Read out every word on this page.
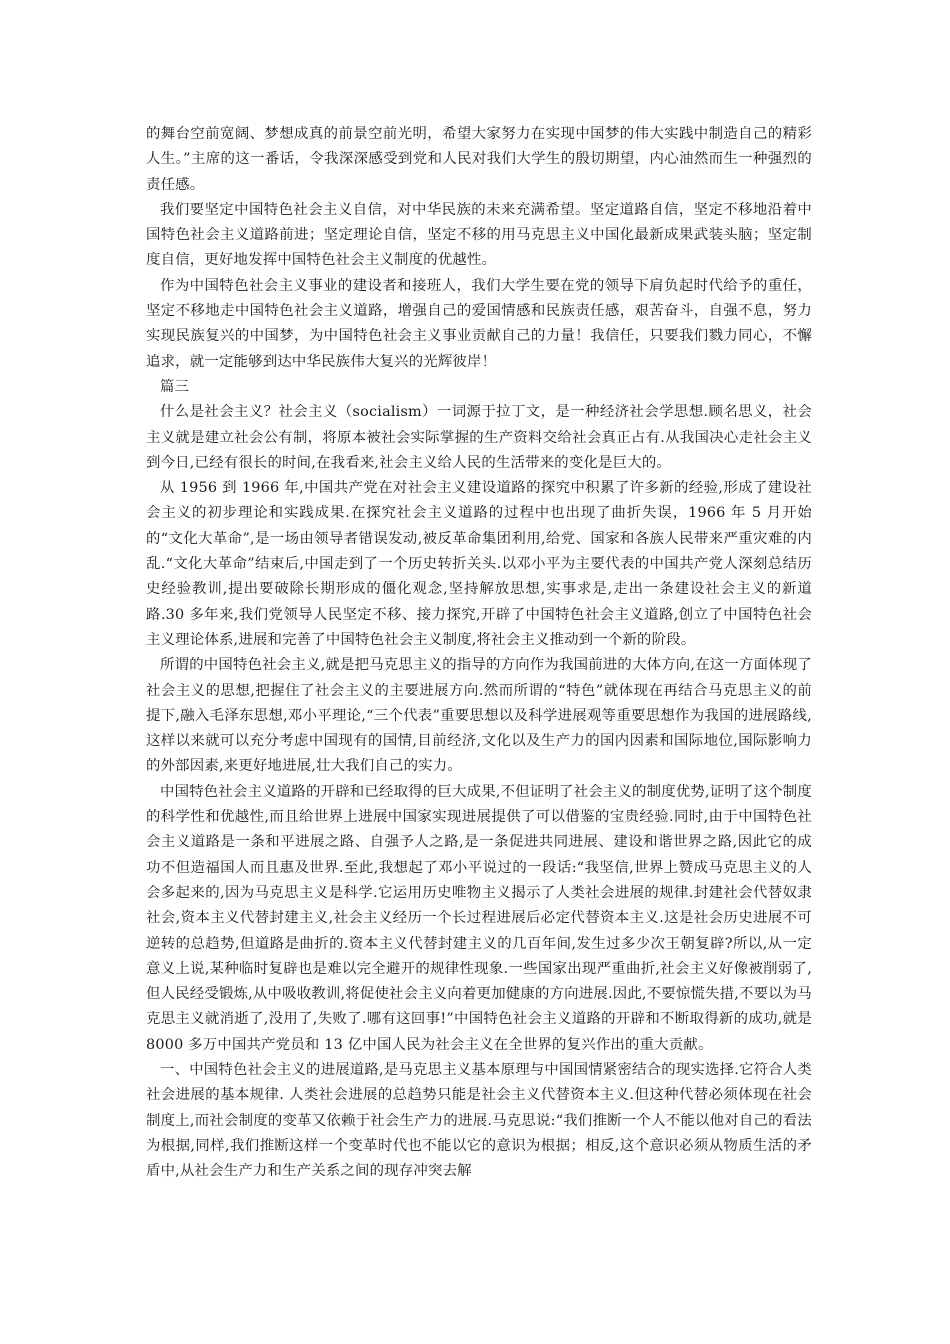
的舞台空前宽阔、梦想成真的前景空前光明，希望大家努力在实现中国梦的伟大实践中制造自己的精彩人生。”主席的这一番话，令我深深感受到党和人民对我们大学生的殷切期望，内心油然而生一种强烈的责任感。

我们要坚定中国特色社会主义自信，对中华民族的未来充满希望。坚定道路自信，坚定不移地沿着中国特色社会主义道路前进；坚定理论自信，坚定不移的用马克思主义中国化最新成果武装头脑；坚定制度自信，更好地发挥中国特色社会主义制度的优越性。

作为中国特色社会主义事业的建设者和接班人，我们大学生要在党的领导下肩负起时代给予的重任，坚定不移地走中国特色社会主义道路，增强自己的爱国情感和民族责任感，艰苦奋斗，自强不息，努力实现民族复兴的中国梦，为中国特色社会主义事业贡献自己的力量！我信任，只要我们戮力同心，不懈追求，就一定能够到达中华民族伟大复兴的光辉彼岸！

篇三

什么是社会主义？社会主义（socialism）一词源于拉丁文，是一种经济社会学思想.顾名思义，社会主义就是建立社会公有制，将原本被社会实际掌握的生产资料交给社会真正占有.从我国决心走社会主义到今日,已经有很长的时间,在我看来,社会主义给人民的生活带来的变化是巨大的。

从 1956 到 1966 年,中国共产党在对社会主义建设道路的探究中积累了许多新的经验,形成了建设社会主义的初步理论和实践成果.在探究社会主义道路的过程中也出现了曲折失误，1966 年 5 月开始的“文化大革命”,是一场由领导者错误发动,被反革命集团利用,给党、国家和各族人民带来严重灾难的内乱.“文化大革命”结束后,中国走到了一个历史转折关头.以邓小平为主要代表的中国共产党人深刻总结历史经验教训,提出要破除长期形成的僵化观念,坚持解放思想,实事求是,走出一条建设社会主义的新道路.30 多年来,我们党领导人民坚定不移、接力探究,开辟了中国特色社会主义道路,创立了中国特色社会主义理论体系,进展和完善了中国特色社会主义制度,将社会主义推动到一个新的阶段。

所谓的中国特色社会主义,就是把马克思主义的指导的方向作为我国前进的大体方向,在这一方面体现了社会主义的思想,把握住了社会主义的主要进展方向.然而所谓的“特色”就体现在再结合马克思主义的前提下,融入毛泽东思想,邓小平理论,“三个代表”重要思想以及科学进展观等重要思想作为我国的进展路线,这样以来就可以充分考虑中国现有的国情,目前经济,文化以及生产力的国内因素和国际地位,国际影响力的外部因素,来更好地进展,壮大我们自己的实力。

中国特色社会主义道路的开辟和已经取得的巨大成果,不但证明了社会主义的制度优势,证明了这个制度的科学性和优越性,而且给世界上进展中国家实现进展提供了可以借鉴的宝贵经验.同时,由于中国特色社会主义道路是一条和平进展之路、自强予人之路,是一条促进共同进展、建设和谐世界之路,因此它的成功不但造福国人而且惠及世界.至此,我想起了邓小平说过的一段话:“我坚信,世界上赞成马克思主义的人会多起来的,因为马克思主义是科学.它运用历史唯物主义揭示了人类社会进展的规律.封建社会代替奴隶社会,资本主义代替封建主义,社会主义经历一个长过程进展后必定代替资本主义.这是社会历史进展不可逆转的总趋势,但道路是曲折的.资本主义代替封建主义的几百年间,发生过多少次王朝复辟?所以,从一定意义上说,某种临时复辟也是难以完全避开的规律性现象.一些国家出现严重曲折,社会主义好像被削弱了,但人民经受锻炼,从中吸收教训,将促使社会主义向着更加健康的方向进展.因此,不要惊慌失措,不要以为马克思主义就消逝了,没用了,失败了.哪有这回事!”中国特色社会主义道路的开辟和不断取得新的成功,就是 8000 多万中国共产党员和 13 亿中国人民为社会主义在全世界的复兴作出的重大贡献。

一、中国特色社会主义的进展道路,是马克思主义基本原理与中国国情紧密结合的现实选择.它符合人类社会进展的基本规律. 人类社会进展的总趋势只能是社会主义代替资本主义.但这种代替必须体现在社会制度上,而社会制度的变革又依赖于社会生产力的进展.马克思说:“我们推断一个人不能以他对自己的看法为根据,同样,我们推断这样一个变革时代也不能以它的意识为根据；相反,这个意识必须从物质生活的矛盾中,从社会生产力和生产关系之间的现存冲突去解
